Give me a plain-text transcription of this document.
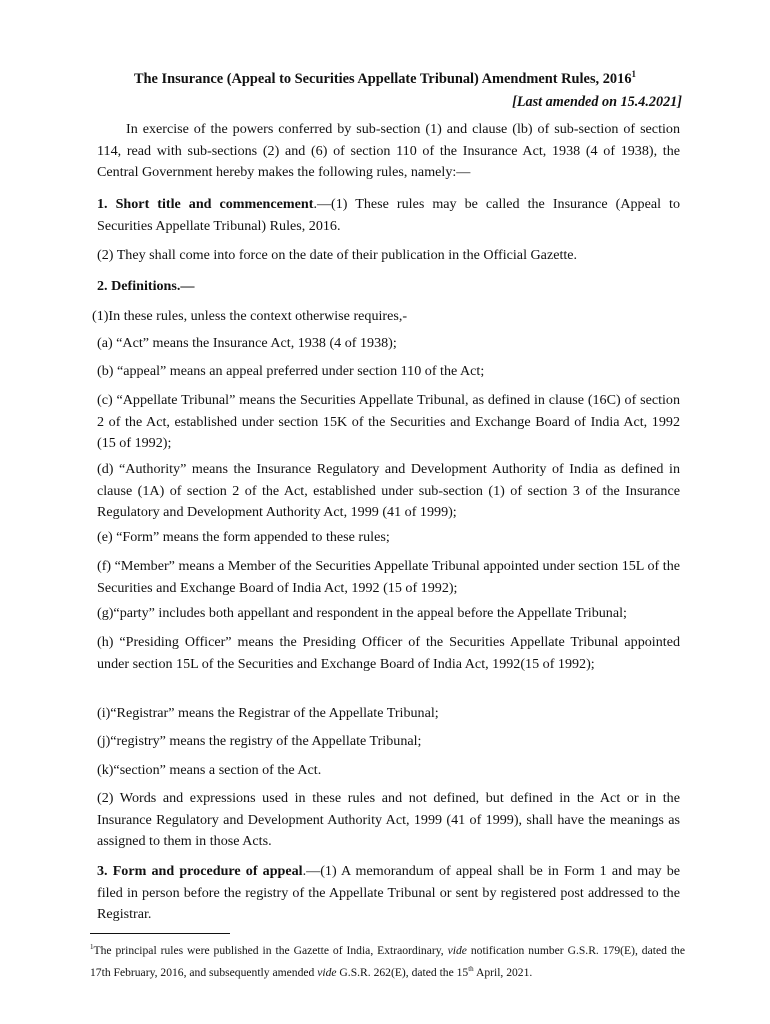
The Insurance (Appeal to Securities Appellate Tribunal) Amendment Rules, 2016$^1$
[Last amended on 15.4.2021]

In exercise of the powers conferred by sub-section (1) and clause (lb) of sub-section of section 114, read with sub-sections (2) and (6) of section 110 of the Insurance Act, 1938 (4 of 1938), the Central Government hereby makes the following rules, namely:—

1. Short title and commencement.—(1) These rules may be called the Insurance (Appeal to Securities Appellate Tribunal) Rules, 2016.

(2) They shall come into force on the date of their publication in the Official Gazette.

2. Definitions.—

(1)In these rules, unless the context otherwise requires,-

(a) “Act” means the Insurance Act, 1938 (4 of 1938);

(b) “appeal” means an appeal preferred under section 110 of the Act;

(c) “Appellate Tribunal” means the Securities Appellate Tribunal, as defined in clause (16C) of section 2 of the Act, established under section 15K of the Securities and Exchange Board of India Act, 1992 (15 of 1992);

(d) “Authority” means the Insurance Regulatory and Development Authority of India as defined in clause (1A) of section 2 of the Act, established under sub-section (1) of section 3 of the Insurance Regulatory and Development Authority Act, 1999 (41 of 1999);

(e) “Form” means the form appended to these rules;

(f) “Member” means a Member of the Securities Appellate Tribunal appointed under section 15L of the Securities and Exchange Board of India Act, 1992 (15 of 1992);

(g)“party” includes both appellant and respondent in the appeal before the Appellate Tribunal;

(h) “Presiding Officer” means the Presiding Officer of the Securities Appellate Tribunal appointed under section 15L of the Securities and Exchange Board of India Act, 1992(15 of 1992);

(i)“Registrar” means the Registrar of the Appellate Tribunal;

(j)“registry” means the registry of the Appellate Tribunal;

(k)“section” means a section of the Act.

(2) Words and expressions used in these rules and not defined, but defined in the Act or in the Insurance Regulatory and Development Authority Act, 1999 (41 of 1999), shall have the meanings as assigned to them in those Acts.

3. Form and procedure of appeal.—(1) A memorandum of appeal shall be in Form 1 and may be filed in person before the registry of the Appellate Tribunal or sent by registered post addressed to the Registrar.

$^1$The principal rules were published in the Gazette of India, Extraordinary, vide notification number G.S.R. 179(E), dated the 17th February, 2016, and subsequently amended vide G.S.R. 262(E), dated the 15th April, 2021.
